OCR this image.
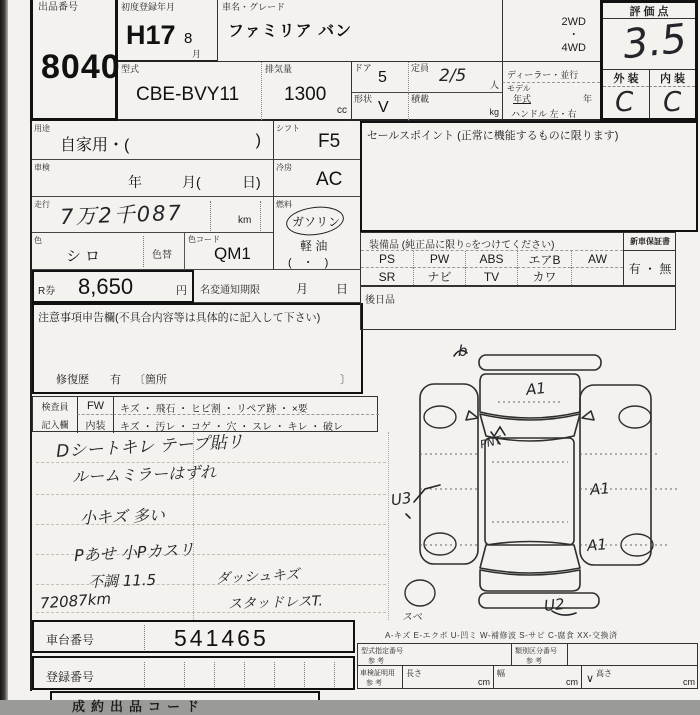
出品番号
8040
初度登録年月
H17 8
月
車名・グレード
ファミリア バン
型式
CBE-BVY11
排気量
1300
cc
ドア
5
定員 2/5	人
形状 V 積載
kg
2WD
・
4WD
ディーラー・並行
モデル
年式	年
ハンドル 左・右
評 価 点
3.5
外 装 内 装
C C
用途
自家用・(	)
シフト
F5
車検
年	月(	日)
冷房
AC
走行 7万2千087	km
燃料
ガソリン
軽 油
(　・　)
色
シロ	色替
色コード
QM1
R券 8,650	円 名変通知期限	月 日
注意事項申告欄(不具合内容等は具体的に記入して下さい)
修復歴 有 〔箇所	〕
検査員 FW キズ ・ 飛石 ・ ヒビ割 ・ リペア跡 ・ ×要
記入欄 内装 キズ ・ 汚レ ・ コゲ ・ 穴 ・ スレ ・ キレ ・ 破レ
Dシートキレ テープ貼リ
ルームミラーはずれ
小キズ 多い
Pあせ 小Pカスリ
不調 11.5
72087km
ダッシュキズ
スタッドレスT.
車台番号	541465
登録番号
成約出品コード
セールスポイント (正常に機能するものに限ります)
装備品 (純正品に限り○をつけてください)	新車保証書
PS	PW	ABS エアB AW
SR	ナビ	TV	カワ
有 ・ 無
後日品
b
A1
PNT
U3	A1
A1
U2
スペ
A-キズ E-エクボ U-凹ミ W-補修波 S-サビ C-腐食 XX-交換済
型式指定番号
参 考
類別区分番号
参 考
車検証明用
参 考
長さ
cm
幅
cm
高さ
∨	cm
